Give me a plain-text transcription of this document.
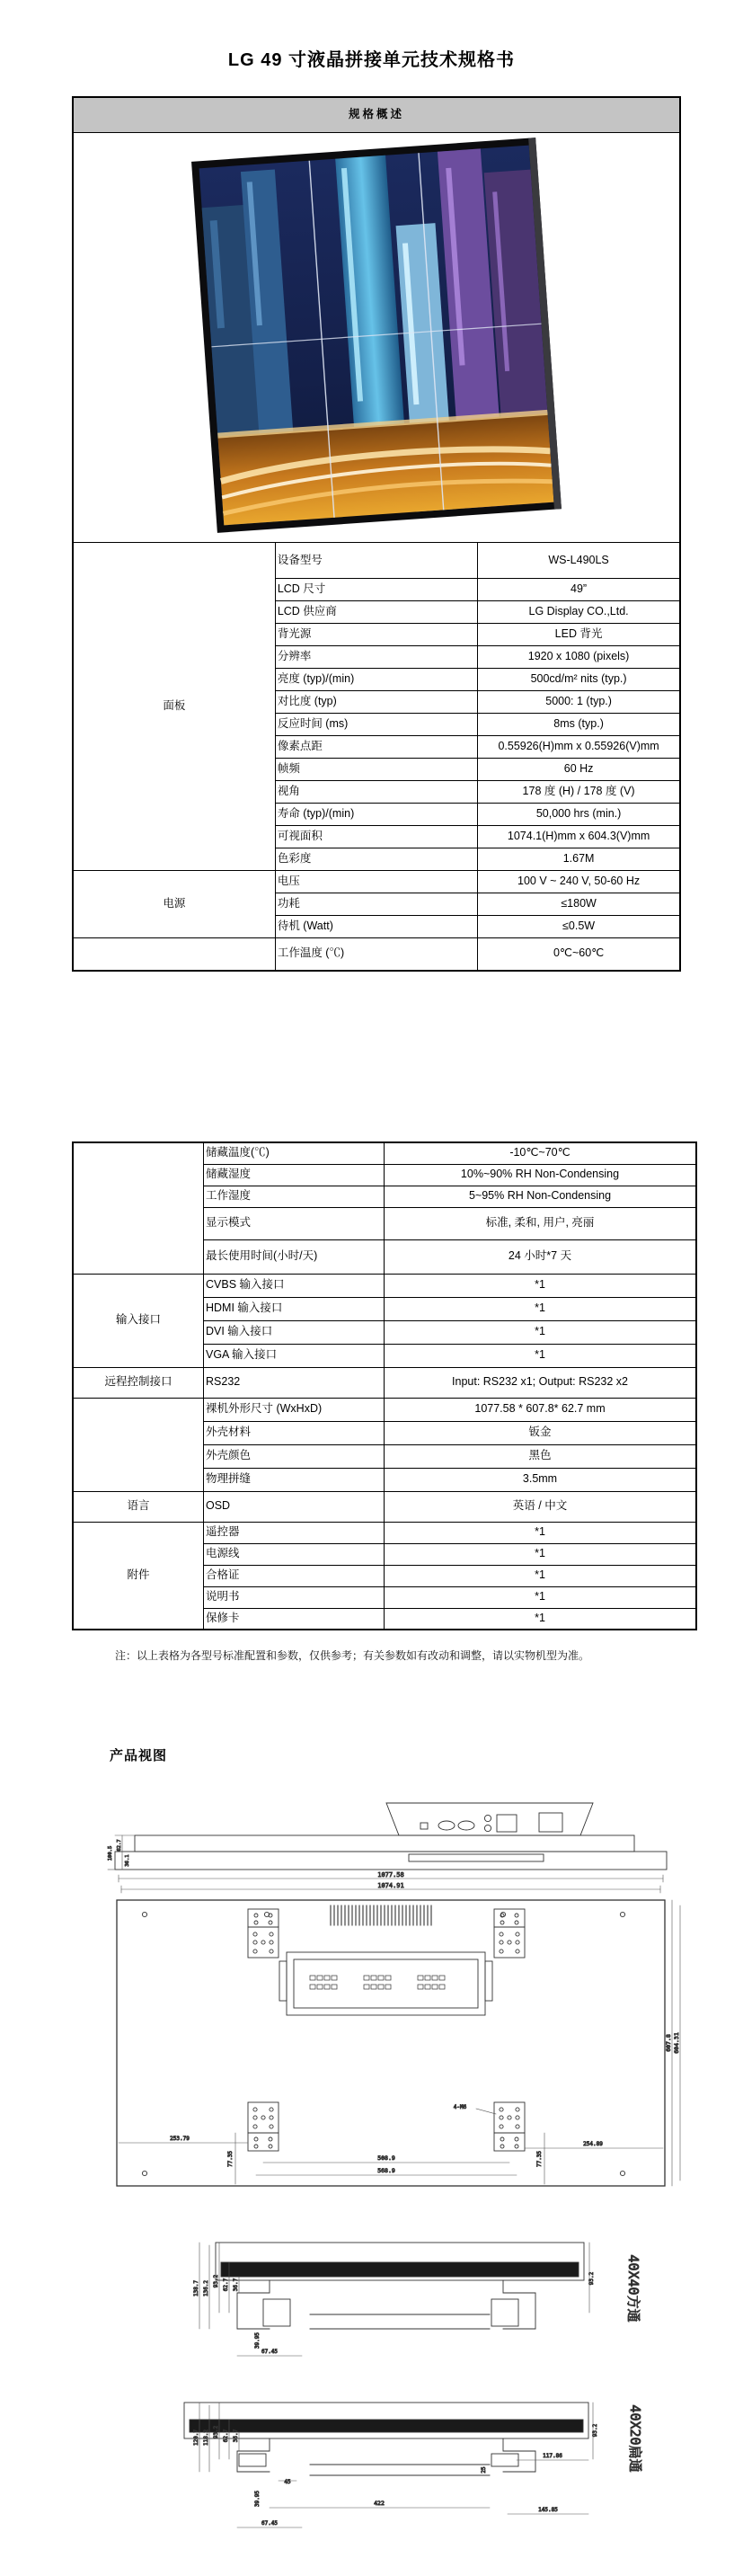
LG 49 寸液晶拼接单元技术规格书
规格概述		

面板	设备型号	WS-L490LS
	LCD 尺寸	49”
	LCD 供应商	LG Display CO.,Ltd.
	背光源	LED 背光
	分辨率	1920 x 1080 (pixels)
	亮度 (typ)/(min)	500cd/m² nits (typ.)
	对比度 (typ)	5000: 1 (typ.)
	反应时间 (ms)	8ms (typ.)
	像素点距	0.55926(H)mm x 0.55926(V)mm
	帧频	60 Hz
	视角	178 度 (H) / 178 度 (V)
	寿命 (typ)/(min)	50,000 hrs (min.)
	可视面积	1074.1(H)mm x 604.3(V)mm
	色彩度	1.67M
电源	电压	100 V ~ 240 V, 50-60 Hz
	功耗	≤180W
	待机 (Watt)	≤0.5W
	工作温度 (℃)	0℃~60℃
	储藏温度(℃)	-10℃~70℃
	储藏湿度	10%~90% RH Non-Condensing
	工作湿度	5~95% RH Non-Condensing
	显示模式	标准, 柔和, 用户, 亮丽
	最长使用时间(小时/天)	24 小时*7 天
输入接口	CVBS 输入接口	*1
	HDMI 输入接口	*1
	DVI 输入接口	*1
	VGA 输入接口	*1
远程控制接口	RS232	Input: RS232 x1; Output: RS232 x2
	裸机外形尺寸 (WxHxD)	1077.58 * 607.8* 62.7 mm
	外壳材料	钣金
	外壳颜色	黑色
	物理拼缝	3.5mm
语言	OSD	英语 / 中文
附件	遥控器	*1
	电源线	*1
	合格证	*1
	说明书	*1
	保修卡	*1
注：以上表格为各型号标准配置和参数，仅供参考；有关参数如有改动和调整，请以实物机型为准。
产品视图
100.5
62.7
36.1
1077.58
1074.91
4-M6
253.79
254.89
77.35	77.35
508.9
568.9
607.8 604.31
138.7 136.2 93.2 62.7 36.7	93.2
67.45
39.95
40X40方通
120.7 118.2 93.2 62.7 36.7	93.2
67.45
39.95
45
25
422
117.86
145.85
40X20扁通
